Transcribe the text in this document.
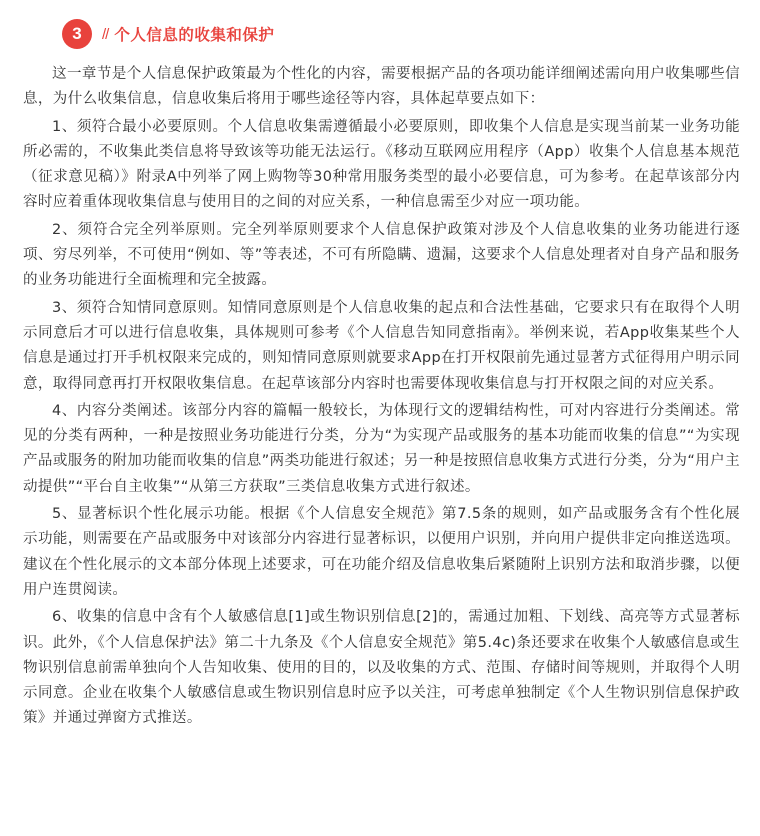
3	// 个人信息的收集和保护

这一章节是个人信息保护政策最为个性化的内容，需要根据产品的各项功能详细阐述需向用户收集哪些信息，为什么收集信息，信息收集后将用于哪些途径等内容，具体起草要点如下：

1、须符合最小必要原则。个人信息收集需遵循最小必要原则，即收集个人信息是实现当前某一业务功能所必需的，不收集此类信息将导致该等功能无法运行。《移动互联网应用程序（App）收集个人信息基本规范（征求意见稿）》附录A中列举了网上购物等30种常用服务类型的最小必要信息，可为参考。在起草该部分内容时应着重体现收集信息与使用目的之间的对应关系，一种信息需至少对应一项功能。

2、须符合完全列举原则。完全列举原则要求个人信息保护政策对涉及个人信息收集的业务功能进行逐项、穷尽列举，不可使用“例如、等”等表述，不可有所隐瞒、遗漏，这要求个人信息处理者对自身产品和服务的业务功能进行全面梳理和完全披露。

3、须符合知情同意原则。知情同意原则是个人信息收集的起点和合法性基础，它要求只有在取得个人明示同意后才可以进行信息收集，具体规则可参考《个人信息告知同意指南》。举例来说，若App收集某些个人信息是通过打开手机权限来完成的，则知情同意原则就要求App在打开权限前先通过显著方式征得用户明示同意，取得同意再打开权限收集信息。在起草该部分内容时也需要体现收集信息与打开权限之间的对应关系。

4、内容分类阐述。该部分内容的篇幅一般较长，为体现行文的逻辑结构性，可对内容进行分类阐述。常见的分类有两种，一种是按照业务功能进行分类，分为“为实现产品或服务的基本功能而收集的信息”“为实现产品或服务的附加功能而收集的信息”两类功能进行叙述；另一种是按照信息收集方式进行分类，分为“用户主动提供”“平台自主收集”“从第三方获取”三类信息收集方式进行叙述。

5、显著标识个性化展示功能。根据《个人信息安全规范》第7.5条的规则，如产品或服务含有个性化展示功能，则需要在产品或服务中对该部分内容进行显著标识，以便用户识别，并向用户提供非定向推送选项。建议在个性化展示的文本部分体现上述要求，可在功能介绍及信息收集后紧随附上识别方法和取消步骤，以便用户连贯阅读。

6、收集的信息中含有个人敏感信息[1]或生物识别信息[2]的，需通过加粗、下划线、高亮等方式显著标识。此外，《个人信息保护法》第二十九条及《个人信息安全规范》第5.4c)条还要求在收集个人敏感信息或生物识别信息前需单独向个人告知收集、使用的目的，以及收集的方式、范围、存储时间等规则，并取得个人明示同意。企业在收集个人敏感信息或生物识别信息时应予以关注，可考虑单独制定《个人生物识别信息保护政策》并通过弹窗方式推送。
